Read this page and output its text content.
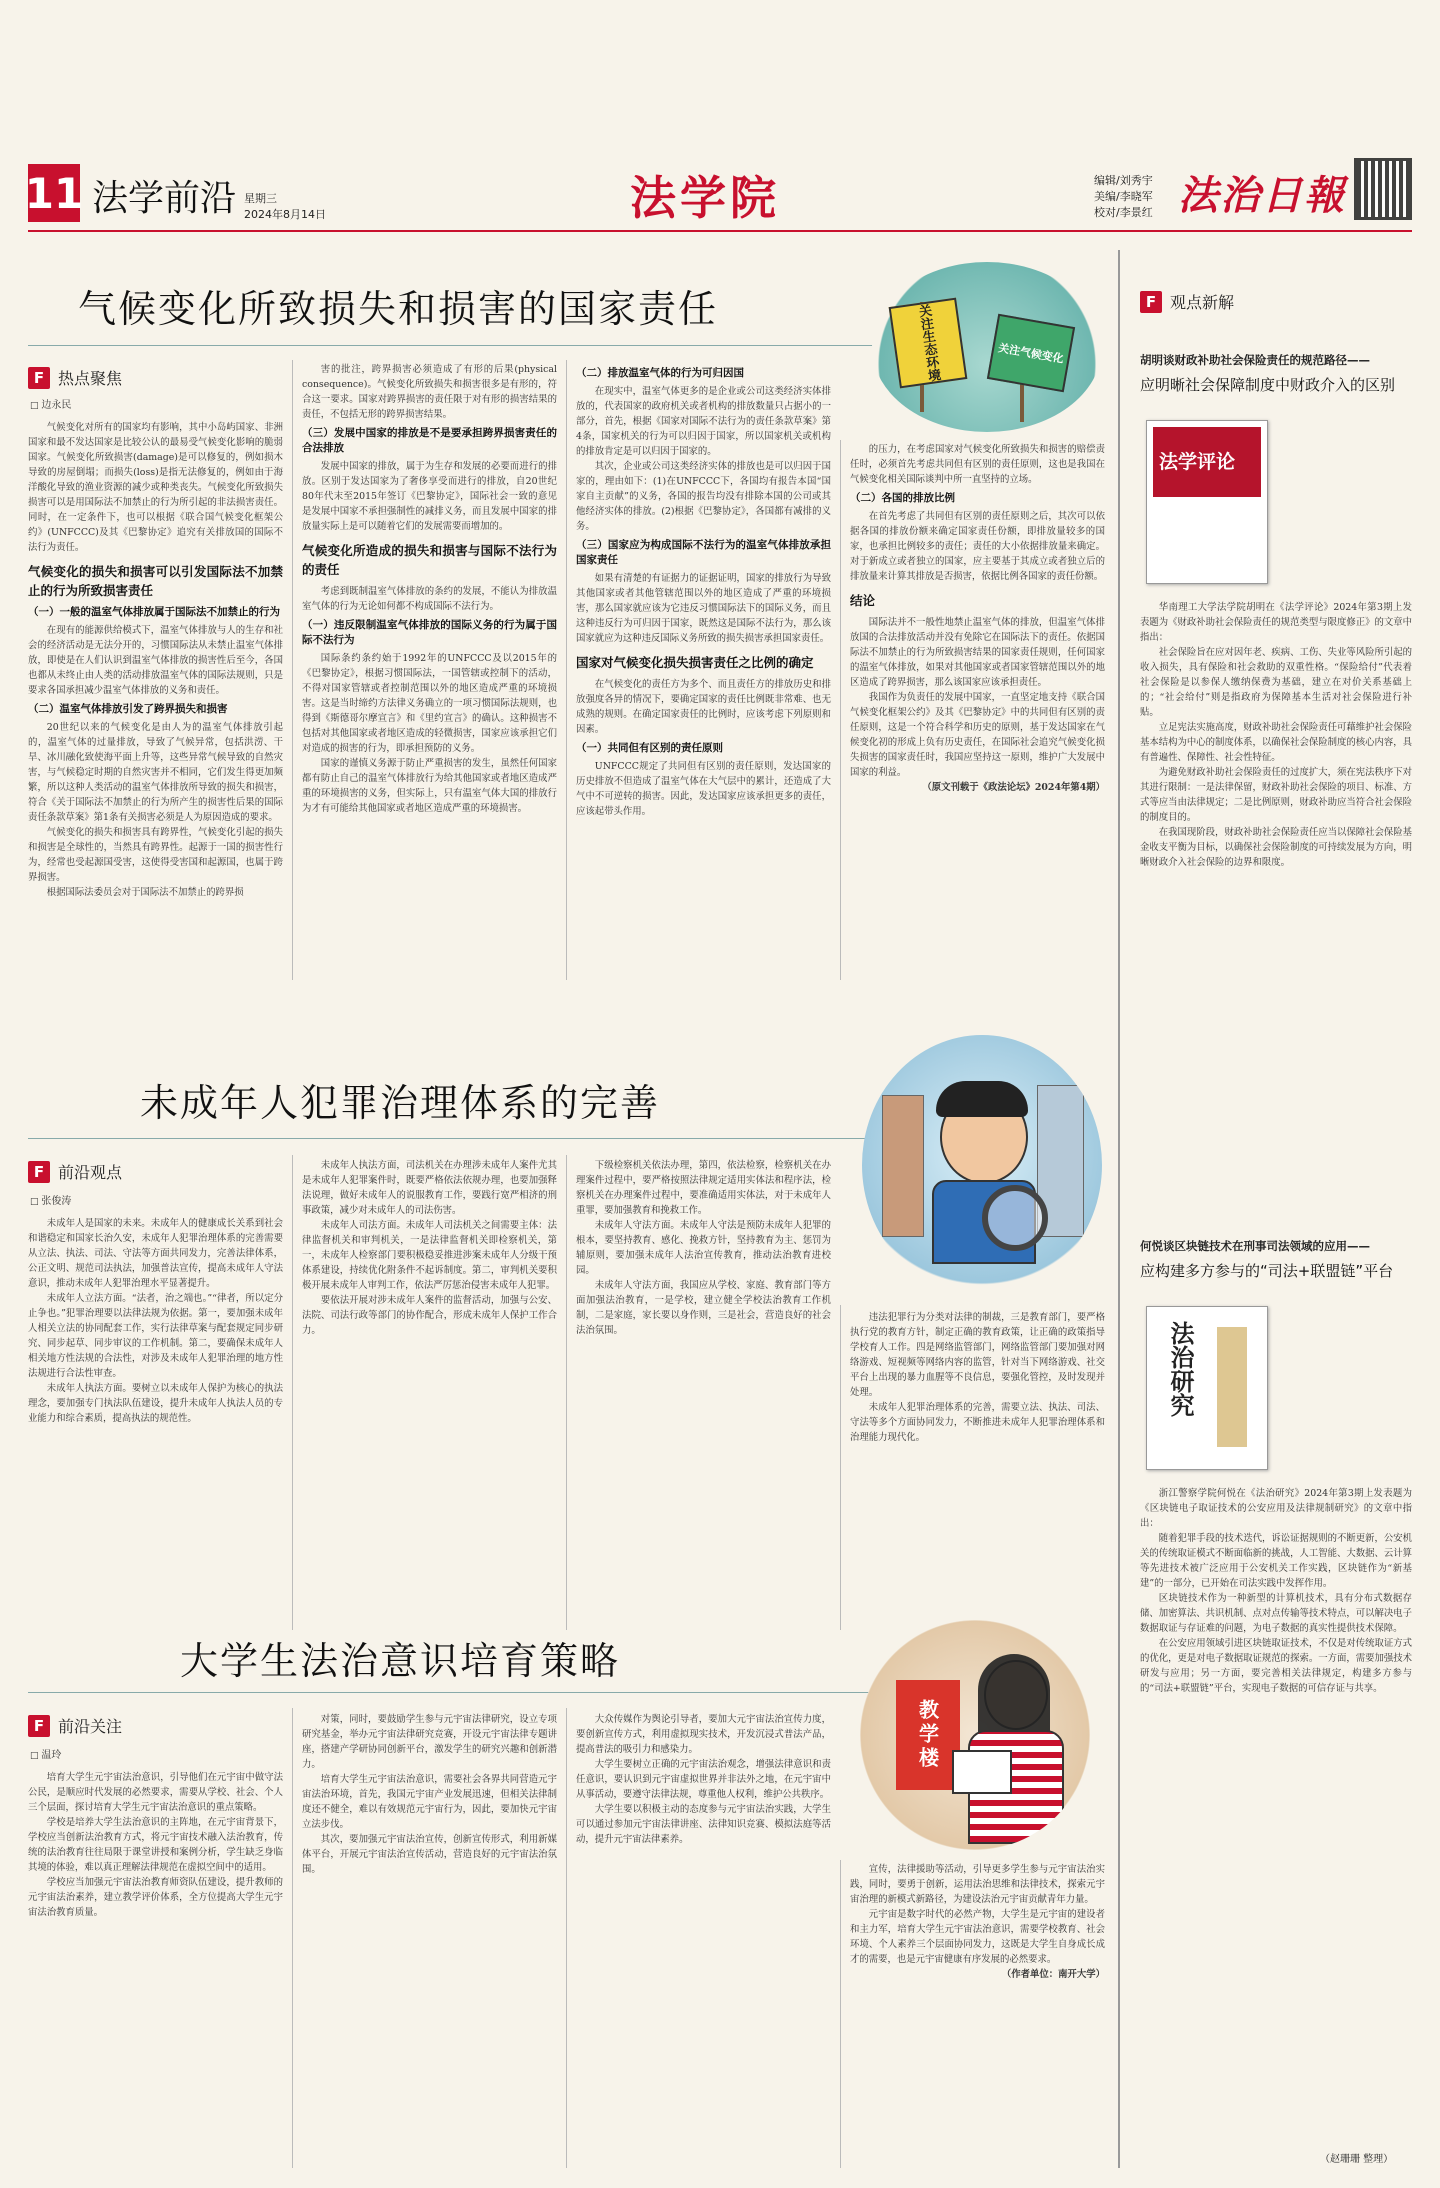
11 法学前沿 星期三
2024年8月14日	法学院	编辑/刘秀宇
美编/李晓军
校对/李景红 法治日報
气候变化所致损失和损害的国家责任	关注生态环境	关注气候变化
F 热点聚焦
□ 边永民

气候变化对所有的国家均有影响，其中小岛屿国家、非洲国家和最不发达国家是比较公认的最易受气候变化影响的脆弱国家。气候变化所致损害(damage)是可以修复的，例如损木导致的房屋倒塌；而损失(loss)是指无法修复的，例如由于海洋酸化导致的渔业资源的减少或种类丧失。气候变化所致损失损害可以是用国际法不加禁止的行为所引起的非法损害责任。同时，在一定条件下，也可以根据《联合国气候变化框架公约》(UNFCCC)及其《巴黎协定》追究有关排放国的国际不法行为责任。

气候变化的损失和损害可以引发国际法不加禁止的行为所致损害责任
（一）一般的温室气体排放属于国际法不加禁止的行为

在现有的能源供给模式下，温室气体排放与人的生存和社会的经济活动是无法分开的，习惯国际法从未禁止温室气体排放，即使是在人们认识到温室气体排放的损害性后至今，各国也都从未终止由人类的活动排放温室气体的国际法规则，只是要求各国承担减少温室气体排放的义务和责任。

（二）温室气体排放引发了跨界损失和损害

20世纪以来的气候变化是由人为的温室气体排放引起的，温室气体的过量排放，导致了气候异常，包括洪涝、干旱、冰川融化致使海平面上升等，这些异常气候导致的自然灾害，与气候稳定时期的自然灾害并不相同，它们发生得更加频繁，所以这种人类活动的温室气体排放所导致的损失和损害，符合《关于国际法不加禁止的行为所产生的损害性后果的国际责任条款草案》第1条有关损害必须是人为原因造成的要求。

气候变化的损失和损害具有跨界性，气候变化引起的损失和损害是全球性的，当然具有跨界性。起源于一国的损害性行为，经常也受起源国受害，这使得受害国和起源国，也属于跨界损害。

根据国际法委员会对于国际法不加禁止的跨界损

害的批注，跨界损害必须造成了有形的后果(physical consequence)。气候变化所致损失和损害很多是有形的，符合这一要求。国家对跨界损害的责任限于对有形的损害结果的责任，不包括无形的跨界损害结果。

（三）发展中国家的排放是不是要承担跨界损害责任的合法排放

发展中国家的排放，属于为生存和发展的必要而进行的排放。区别于发达国家为了奢侈享受而进行的排放，自20世纪80年代末至2015年签订《巴黎协定》，国际社会一致的意见是发展中国家不承担强制性的减排义务，而且发展中国家的排放量实际上是可以随着它们的发展需要而增加的。

气候变化所造成的损失和损害与国际不法行为的责任

考虑到既制温室气体排放的条约的发展，不能认为排放温室气体的行为无论如何都不构成国际不法行为。

（一）违反限制温室气体排放的国际义务的行为属于国际不法行为

国际条约条约始于1992年的UNFCCC及以2015年的《巴黎协定》，根据习惯国际法，一国管辖或控制下的活动，不得对国家管辖或者控制范围以外的地区造成严重的环境损害。这是当时缔约方法律义务确立的一项习惯国际法规则，也得到《斯德哥尔摩宣言》和《里约宣言》的确认。这种损害不包括对其他国家或者地区造成的轻微损害，国家应该承担它们对造成的损害的行为，即承担预防的义务。

国家的谨慎义务源于防止严重损害的发生，虽然任何国家都有防止自己的温室气体排放行为给其他国家或者地区造成严重的环境损害的义务，但实际上，只有温室气体大国的排放行为才有可能给其他国家或者地区造成严重的环境损害。

（二）排放温室气体的行为可归因国

在现实中，温室气体更多的是企业或公司这类经济实体排放的，代表国家的政府机关或者机构的排放数量只占据小的一部分，首先，根据《国家对国际不法行为的责任条款草案》第4条，国家机关的行为可以归因于国家，所以国家机关或机构的排放肯定是可以归因于国家的。

其次，企业或公司这类经济实体的排放也是可以归因于国家的，理由如下：(1)在UNFCCC下，各国均有报告本国“国家自主贡献”的义务，各国的报告均没有排除本国的公司或其他经济实体的排放。(2)根据《巴黎协定》，各国都有减排的义务。

（三）国家应为构成国际不法行为的温室气体排放承担国家责任

如果有清楚的有证据力的证据证明，国家的排放行为导致其他国家或者其他管辖范围以外的地区造成了严重的环境损害，那么国家就应该为它违反习惯国际法下的国际义务，而且这种违反行为可归因于国家，既然这是国际不法行为，那么该国家就应为这种违反国际义务所致的损失损害承担国家责任。

国家对气候变化损失损害责任之比例的确定

在气候变化的责任方为多个、而且责任方的排放历史和排放强度各异的情况下，要确定国家的责任比例既非常难、也无成熟的规则。在确定国家责任的比例时，应该考虑下列原则和因素。

（一）共同但有区别的责任原则

UNFCCC规定了共同但有区别的责任原则，发达国家的历史排放不但造成了温室气体在大气层中的累计，还造成了大气中不可逆转的损害。因此，发达国家应该承担更多的责任，应该起带头作用。

的压力，在考虑国家对气候变化所致损失和损害的赔偿责任时，必须首先考虑共同但有区别的责任原则，这也是我国在气候变化相关国际谈判中所一直坚持的立场。

（二）各国的排放比例

在首先考虑了共同但有区别的责任原则之后，其次可以依据各国的排放份额来确定国家责任份额，即排放量较多的国家，也承担比例较多的责任；责任的大小依据排放量来确定。对于新成立或者独立的国家，应主要基于其成立或者独立后的排放量来计算其排放是否损害，依据比例各国家的责任份额。

结论

国际法并不一般性地禁止温室气体的排放，但温室气体排放国的合法排放活动并没有免除它在国际法下的责任。依据国际法不加禁止的行为所致损害结果的国家责任规则，任何国家的温室气体排放，如果对其他国家或者国家管辖范围以外的地区造成了跨界损害，那么该国家应该承担责任。

我国作为负责任的发展中国家，一直坚定地支持《联合国气候变化框架公约》及其《巴黎协定》中的共同但有区别的责任原则，这是一个符合科学和历史的原则，基于发达国家在气候变化初的形成上负有历史责任，在国际社会追究气候变化损失损害的国家责任时，我国应坚持这一原则，维护广大发展中国家的利益。

（原文刊载于《政法论坛》2024年第4期）

未成年人犯罪治理体系的完善
F 前沿观点
□ 张俊涛

未成年人是国家的未来。未成年人的健康成长关系到社会和谐稳定和国家长治久安，未成年人犯罪治理体系的完善需要从立法、执法、司法、守法等方面共同发力，完善法律体系，公正文明、规范司法执法，加强普法宣传，提高未成年人守法意识，推动未成年人犯罪治理水平显著提升。

未成年人立法方面。“法者，治之端也。”“律者，所以定分止争也。”犯罪治理要以法律法规为依据。第一，要加强未成年人相关立法的协同配套工作，实行法律草案与配套规定同步研究、同步起草、同步审议的工作机制。第二，要确保未成年人相关地方性法规的合法性，对涉及未成年人犯罪治理的地方性法规进行合法性审查。

未成年人执法方面。要树立以未成年人保护为核心的执法理念，要加强专门执法队伍建设，提升未成年人执法人员的专业能力和综合素质，提高执法的规范性。

未成年人执法方面，司法机关在办理涉未成年人案件尤其是未成年人犯罪案件时，既要严格依法依规办理，也要加强释法说理，做好未成年人的说服教育工作，要践行宽严相济的刑事政策，减少对未成年人的司法伤害。

未成年人司法方面。未成年人司法机关之间需要主体：法律监督机关和审判机关，一是法律监督机关即检察机关，第一，未成年人检察部门要积极稳妥推进涉案未成年人分级干预体系建设，持续优化附条件不起诉制度。第二，审判机关要积极开展未成年人审判工作，依法严厉惩治侵害未成年人犯罪。

要依法开展对涉未成年人案件的监督活动，加强与公安、法院、司法行政等部门的协作配合，形成未成年人保护工作合力。

下级检察机关依法办理，第四，依法检察，检察机关在办理案件过程中，要严格按照法律规定适用实体法和程序法，检察机关在办理案件过程中，要准确适用实体法，对于未成年人重罪，要加强教育和挽救工作。

未成年人守法方面。未成年人守法是预防未成年人犯罪的根本，要坚持教育、感化、挽救方针，坚持教育为主、惩罚为辅原则，要加强未成年人法治宣传教育，推动法治教育进校园。

未成年人守法方面，我国应从学校、家庭、教育部门等方面加强法治教育，一是学校，建立健全学校法治教育工作机制，二是家庭，家长要以身作则，三是社会，营造良好的社会法治氛围。

违法犯罪行为分类对法律的制裁，三是教育部门，要严格执行党的教育方针，制定正确的教育政策，让正确的政策指导学校育人工作。四是网络监管部门，网络监管部门要加强对网络游戏、短视频等网络内容的监管，针对当下网络游戏、社交平台上出现的暴力血腥等不良信息，要强化管控，及时发现并处理。

未成年人犯罪治理体系的完善，需要立法、执法、司法、守法等多个方面协同发力，不断推进未成年人犯罪治理体系和治理能力现代化。

大学生法治意识培育策略
教学楼
F 前沿关注
□ 温玲

培育大学生元宇宙法治意识，引导他们在元宇宙中做守法公民，是顺应时代发展的必然要求，需要从学校、社会、个人三个层面，探讨培育大学生元宇宙法治意识的重点策略。

学校是培养大学生法治意识的主阵地，在元宇宙背景下，学校应当创新法治教育方式，将元宇宙技术融入法治教育，传统的法治教育往往局限于课堂讲授和案例分析，学生缺乏身临其境的体验，难以真正理解法律规范在虚拟空间中的适用。

学校应当加强元宇宙法治教育师资队伍建设，提升教师的元宇宙法治素养，建立教学评价体系，全方位提高大学生元宇宙法治教育质量。

对策，同时，要鼓励学生参与元宇宙法律研究，设立专项研究基金，举办元宇宙法律研究竞赛，开设元宇宙法律专题讲座，搭建产学研协同创新平台，激发学生的研究兴趣和创新潜力。

培育大学生元宇宙法治意识，需要社会各界共同营造元宇宙法治环境，首先，我国元宇宙产业发展迅速，但相关法律制度还不健全，难以有效规范元宇宙行为，因此，要加快元宇宙立法步伐。

其次，要加强元宇宙法治宣传，创新宣传形式，利用新媒体平台，开展元宇宙法治宣传活动，营造良好的元宇宙法治氛围。

大众传媒作为舆论引导者，要加大元宇宙法治宣传力度，要创新宣传方式，利用虚拟现实技术，开发沉浸式普法产品，提高普法的吸引力和感染力。

大学生要树立正确的元宇宙法治观念，增强法律意识和责任意识，要认识到元宇宙虚拟世界并非法外之地，在元宇宙中从事活动，要遵守法律法规，尊重他人权利，维护公共秩序。

大学生要以积极主动的态度参与元宇宙法治实践，大学生可以通过参加元宇宙法律讲座、法律知识竞赛、模拟法庭等活动，提升元宇宙法律素养。

宣传，法律援助等活动，引导更多学生参与元宇宙法治实践，同时，要勇于创新，运用法治思维和法律技术，探索元宇宙治理的新模式新路径，为建设法治元宇宙贡献青年力量。

元宇宙是数字时代的必然产物，大学生是元宇宙的建设者和主力军，培育大学生元宇宙法治意识，需要学校教育、社会环境、个人素养三个层面协同发力，这既是大学生自身成长成才的需要，也是元宇宙健康有序发展的必然要求。

（作者单位：南开大学）

F 观点新解
胡明谈财政补助社会保险责任的规范路径——
应明晰社会保障制度中财政介入的区别
法学评论

华南理工大学法学院胡明在《法学评论》2024年第3期上发表题为《财政补助社会保险责任的规范类型与限度修正》的文章中指出：

社会保险旨在应对因年老、疾病、工伤、失业等风险所引起的收入损失，具有保险和社会救助的双重性格。“保险给付”代表着社会保险是以参保人缴纳保费为基础，建立在对价关系基础上的；“社会给付”则是指政府为保障基本生活对社会保险进行补贴。

立足宪法实施高度，财政补助社会保险责任可藉维护社会保险基本结构为中心的制度体系，以确保社会保险制度的核心内容，具有普遍性、保障性、社会性特征。

为避免财政补助社会保险责任的过度扩大，须在宪法秩序下对其进行限制：一是法律保留，财政补助社会保险的项目、标准、方式等应当由法律规定；二是比例原则，财政补助应当符合社会保险的制度目的。

在我国现阶段，财政补助社会保险责任应当以保障社会保险基金收支平衡为目标，以确保社会保险制度的可持续发展为方向，明晰财政介入社会保险的边界和限度。

何悦谈区块链技术在刑事司法领域的应用——
应构建多方参与的“司法+联盟链”平台
法治研究

浙江警察学院何悦在《法治研究》2024年第3期上发表题为《区块链电子取证技术的公安应用及法律规制研究》的文章中指出：

随着犯罪手段的技术迭代，诉讼证据规则的不断更新，公安机关的传统取证模式不断面临新的挑战，人工智能、大数据、云计算等先进技术被广泛应用于公安机关工作实践，区块链作为“新基建”的一部分，已开始在司法实践中发挥作用。

区块链技术作为一种新型的计算机技术，具有分布式数据存储、加密算法、共识机制、点对点传输等技术特点，可以解决电子数据取证与存证难的问题，为电子数据的真实性提供技术保障。

在公安应用领域引进区块链取证技术，不仅是对传统取证方式的优化，更是对电子数据取证规范的探索。一方面，需要加强技术研发与应用；另一方面，要完善相关法律规定，构建多方参与的“司法+联盟链”平台，实现电子数据的可信存证与共享。

（赵珊珊 整理）
